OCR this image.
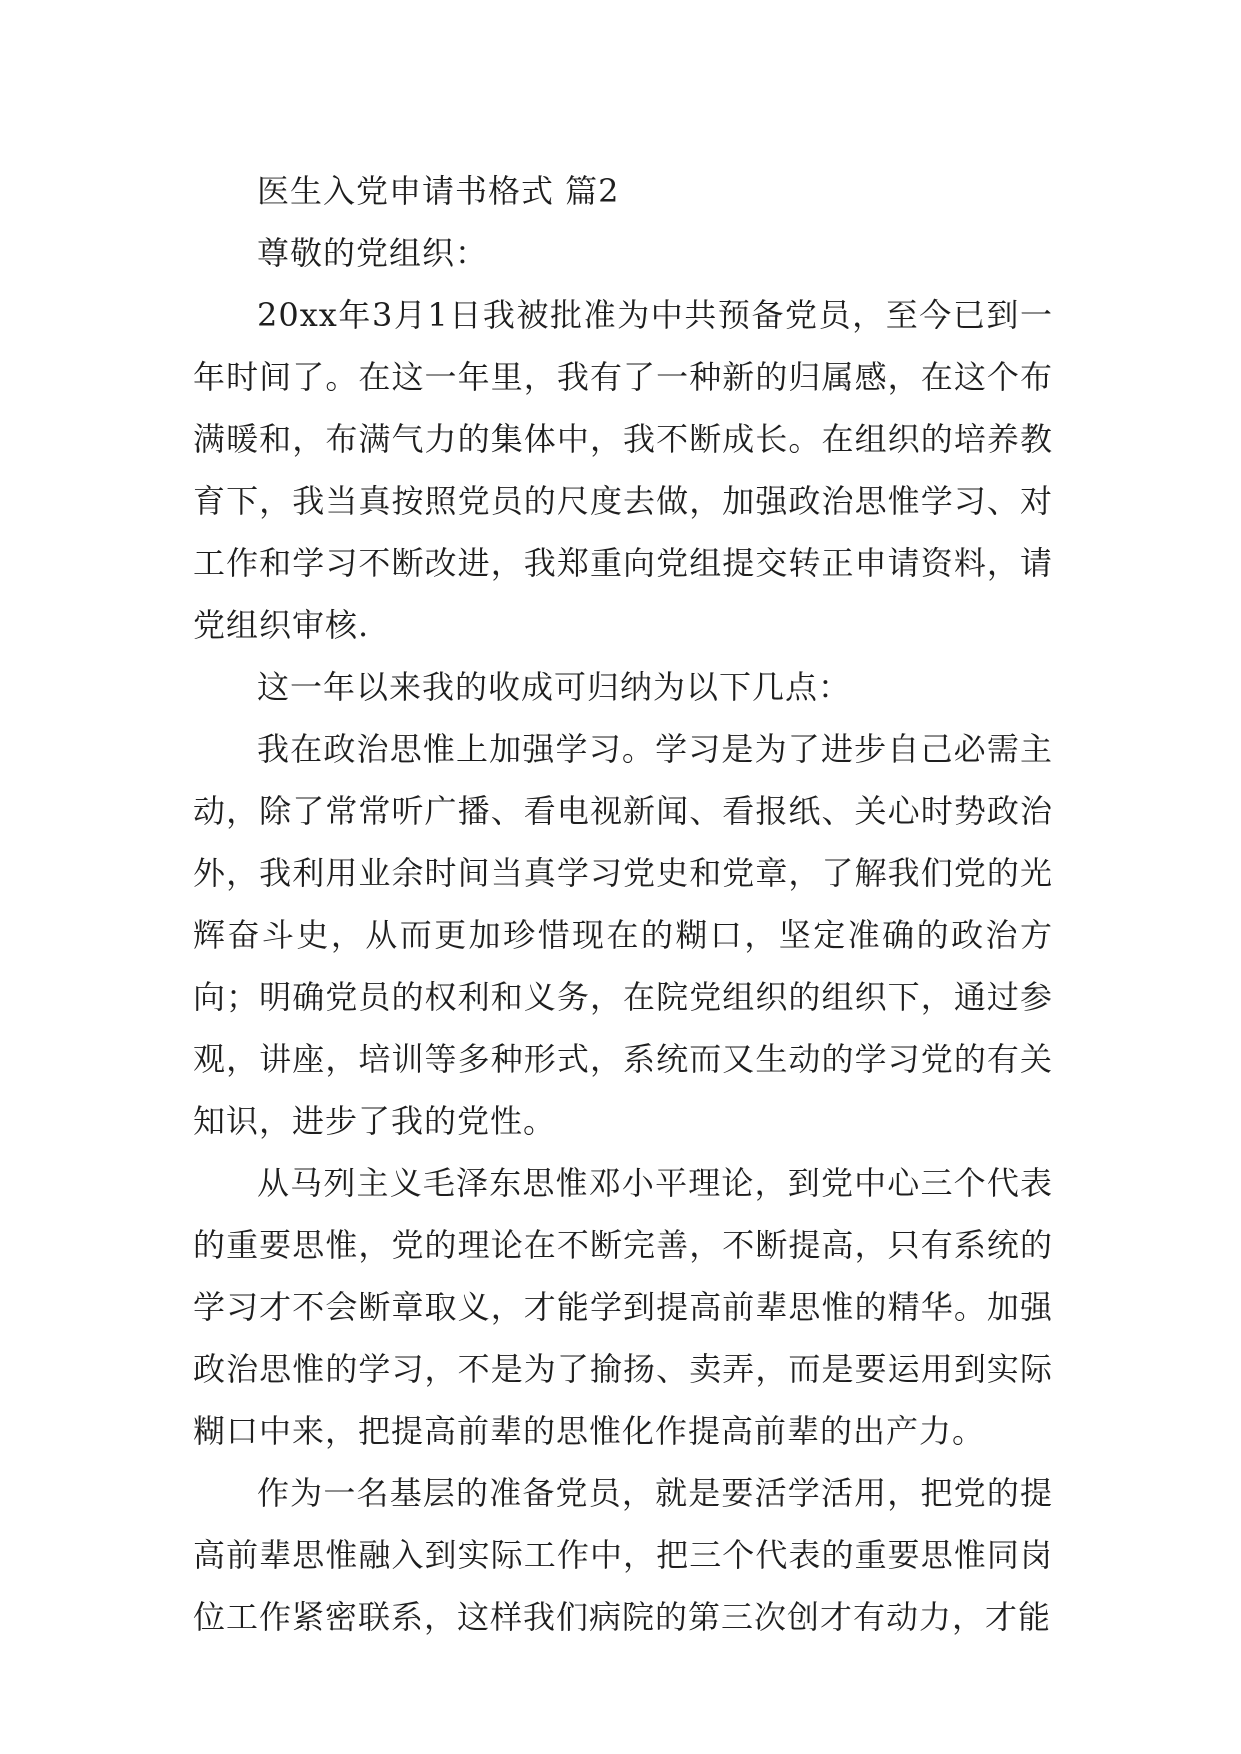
医生入党申请书格式 篇2

尊敬的党组织：

20xx年3月1日我被批准为中共预备党员，至今已到一年时间了。在这一年里，我有了一种新的归属感，在这个布满暖和，布满气力的集体中，我不断成长。在组织的培养教育下，我当真按照党员的尺度去做，加强政治思惟学习、对工作和学习不断改进，我郑重向党组提交转正申请资料，请党组织审核.

这一年以来我的收成可归纳为以下几点：

我在政治思惟上加强学习。学习是为了进步自己必需主动，除了常常听广播、看电视新闻、看报纸、关心时势政治外，我利用业余时间当真学习党史和党章，了解我们党的光辉奋斗史，从而更加珍惜现在的糊口，坚定准确的政治方向；明确党员的权利和义务，在院党组织的组织下，通过参观，讲座，培训等多种形式，系统而又生动的学习党的有关知识，进步了我的党性。

从马列主义毛泽东思惟邓小平理论，到党中心三个代表的重要思惟，党的理论在不断完善，不断提高，只有系统的学习才不会断章取义，才能学到提高前辈思惟的精华。加强政治思惟的学习，不是为了揄扬、卖弄，而是要运用到实际糊口中来，把提高前辈的思惟化作提高前辈的出产力。

作为一名基层的准备党员，就是要活学活用，把党的提高前辈思惟融入到实际工作中，把三个代表的重要思惟同岗位工作紧密联系，这样我们病院的第三次创才有动力，才能
